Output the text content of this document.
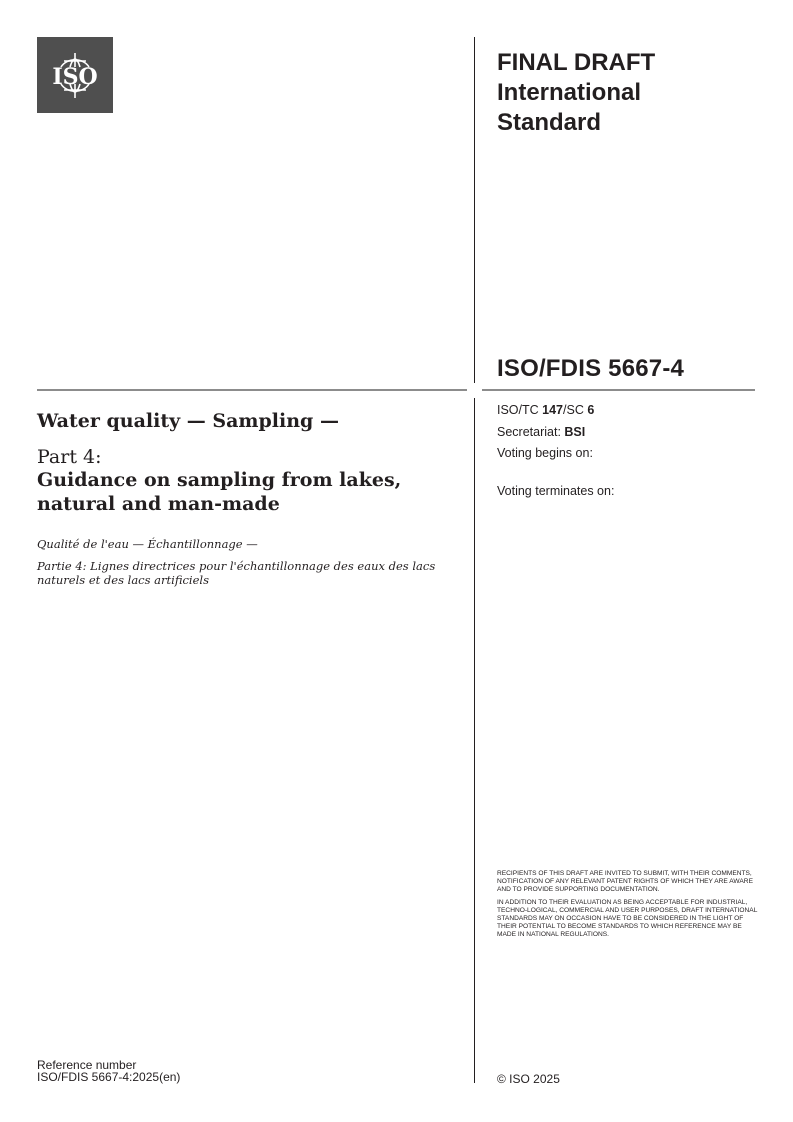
ISO
FINAL DRAFT
International
Standard
ISO/FDIS 5667-4
ISO/TC 147/SC 6
Secretariat: BSI
Voting begins on:
Voting terminates on:
Water quality — Sampling —
Part 4:
Guidance on sampling from lakes, natural and man-made
Qualité de l'eau — Échantillonnage —
Partie 4: Lignes directrices pour l'échantillonnage des eaux des lacs naturels et des lacs artificiels

RECIPIENTS OF THIS DRAFT ARE INVITED TO SUBMIT, WITH THEIR COMMENTS, NOTIFICATION OF ANY RELEVANT PATENT RIGHTS OF WHICH THEY ARE AWARE AND TO PROVIDE SUPPORTING DOCUMENTATION.

IN ADDITION TO THEIR EVALUATION AS BEING ACCEPTABLE FOR INDUSTRIAL, TECHNO-LOGICAL, COMMERCIAL AND USER PURPOSES, DRAFT INTERNATIONAL STANDARDS MAY ON OCCASION HAVE TO BE CONSIDERED IN THE LIGHT OF THEIR POTENTIAL TO BECOME STANDARDS TO WHICH REFERENCE MAY BE MADE IN NATIONAL REGULATIONS.

Reference number
ISO/FDIS 5667-4:2025(en)	© ISO 2025
